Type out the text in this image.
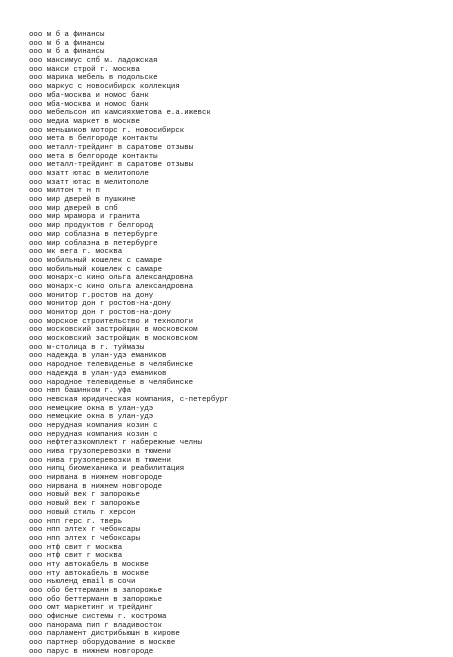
ооо м б а финансы
ооо м б а финансы
ооо м б а финансы
ооо максимус спб м. ладожская
ооо макси строй г. москва
ооо марика мебель в подольске
ооо маркус с новосибирск коллекция
ооо мба-москва и номос банк
ооо мба-москва и номос банк
ооо мебельсон ип камсияхметова е.а.ижевск
ооо медиа маркет в москве
ооо меньшиков моторс г. новосибирск
ооо мета в белгороде контакты
ооо металл-трейдинг в саратове отзывы
ооо мета в белгороде контакты
ооо металл-трейдинг в саратове отзывы
ооо мзатт ютас в мелитополе
ооо мзатт ютас в мелитополе
ооо милтон т н п
ооо мир дверей в пушкине
ооо мир дверей в спб
ооо мир мрамора и гранита
ооо мир продуктов г белгород
ооо мир соблазна в петербурге
ооо мир соблазна в петербурге
ооо мк вега г. москва
ооо мобильный кошелек с самаре
ооо мобильный кошелек с самаре
ооо монарх-с кино ольга александровна
ооо монарх-с кино ольга александровна
ооо монитор г.ростов на дону
ооо монитор дон г ростов-на-дону
ооо монитор дон г ростов-на-дону
ооо морское строительство и технологи
ооо московский застройщик в московском
ооо московский застройщик в московском
ооо м-столица в г. туймазы
ооо надежда в улан-удэ емаников
ооо народное телевиденье в челябинске
ооо надежда в улан-удэ емаников
ооо народное телевиденье в челябинске
ооо нвп башинком г. уфа
ооо невская юридическая компания, с-петербург
ооо немецкие окна в улан-удэ
ооо немецкие окна в улан-удэ
ооо нерудная компания козин с
ооо нерудная компания козин с
ооо нефтегазкомплект г набережные челны
ооо нива грузоперевозки в тюмени
ооо нива грузоперевозки в тюмени
ооо нипц биомеханика и реабилитация
ооо нирвана в нижнем новгороде
ооо нирвана в нижнем новгороде
ооо новый век г запорожье
ооо новый век г запорожье
ооо новый стиль г херсон
ооо нпп герс г. тверь
ооо нпп элтех г чебоксары
ооо нпп элтех г чебоксары
ооо нтф свит г москва
ооо нтф свит г москва
ооо нту автокабель в москве
ооо нту автокабель в москве
ооо ньюленд email в сочи
ооо обо беттерманн в запорожье
ооо обо беттерманн в запорожье
ооо омт маркетинг и трейдинг
ооо офисные системы г. кострома
ооо панорама пип г владивосток
ооо парламент дистрибьюшн в кирове
ооо партнер оборудование в москве
ооо парус в нижнем новгороде
